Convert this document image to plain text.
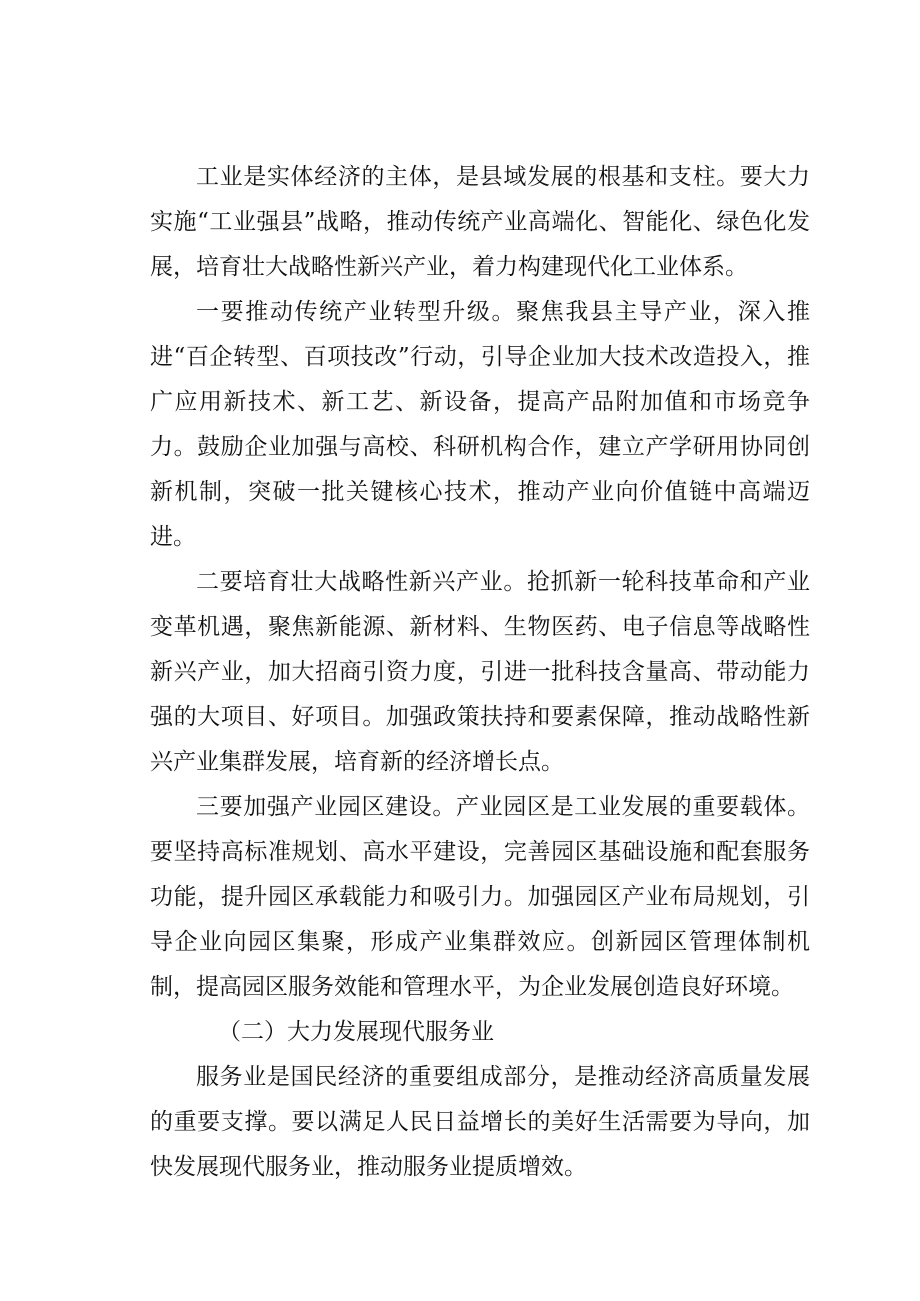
工业是实体经济的主体，是县域发展的根基和支柱。要大力实施“工业强县”战略，推动传统产业高端化、智能化、绿色化发展，培育壮大战略性新兴产业，着力构建现代化工业体系。

一要推动传统产业转型升级。聚焦我县主导产业，深入推进“百企转型、百项技改”行动，引导企业加大技术改造投入，推广应用新技术、新工艺、新设备，提高产品附加值和市场竞争力。鼓励企业加强与高校、科研机构合作，建立产学研用协同创新机制，突破一批关键核心技术，推动产业向价值链中高端迈进。

二要培育壮大战略性新兴产业。抢抓新一轮科技革命和产业变革机遇，聚焦新能源、新材料、生物医药、电子信息等战略性新兴产业，加大招商引资力度，引进一批科技含量高、带动能力强的大项目、好项目。加强政策扶持和要素保障，推动战略性新兴产业集群发展，培育新的经济增长点。

三要加强产业园区建设。产业园区是工业发展的重要载体。要坚持高标准规划、高水平建设，完善园区基础设施和配套服务功能，提升园区承载能力和吸引力。加强园区产业布局规划，引导企业向园区集聚，形成产业集群效应。创新园区管理体制机制，提高园区服务效能和管理水平，为企业发展创造良好环境。

（二）大力发展现代服务业

服务业是国民经济的重要组成部分，是推动经济高质量发展的重要支撑。要以满足人民日益增长的美好生活需要为导向，加快发展现代服务业，推动服务业提质增效。
